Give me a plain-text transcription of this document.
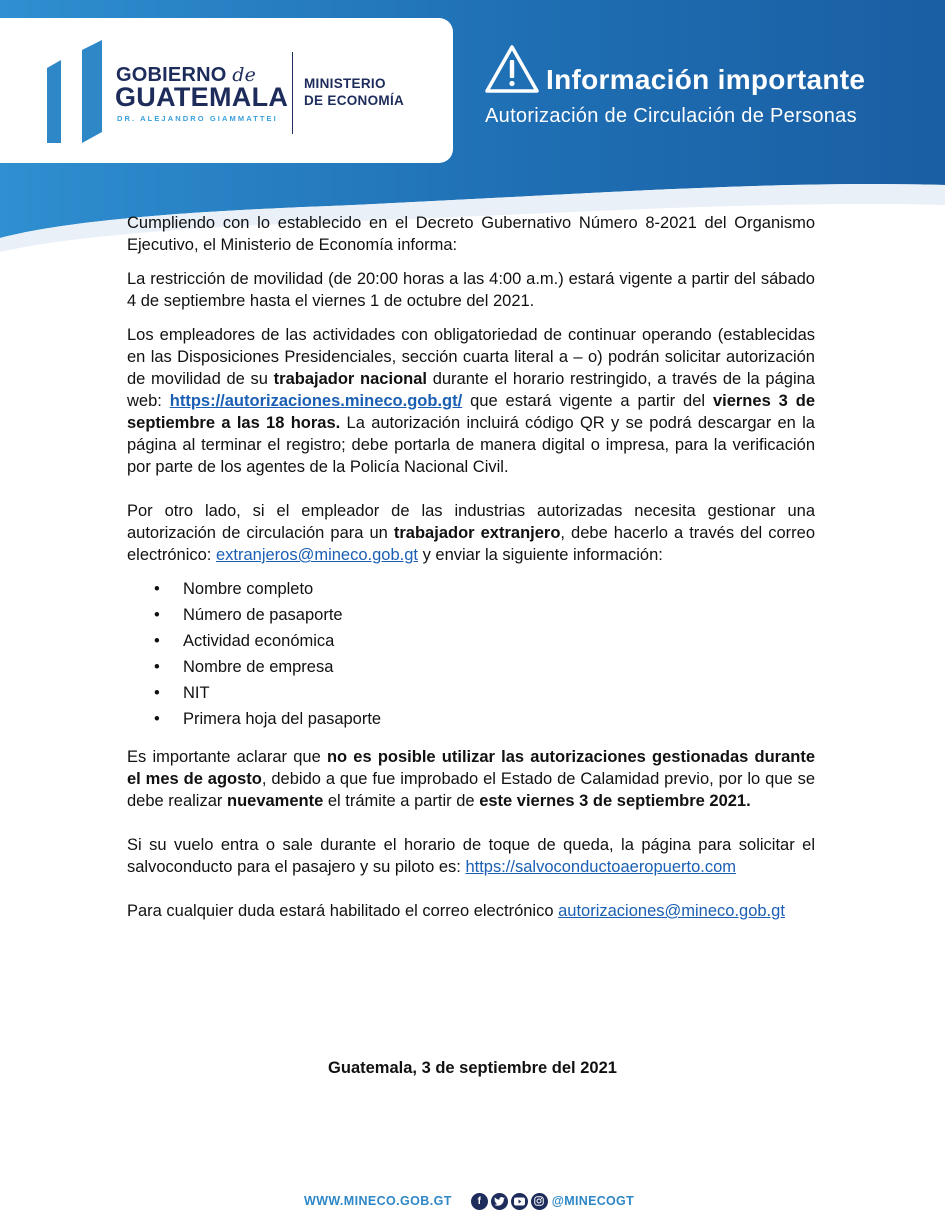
GOBIERNO de
GUATEMALA
DR. ALEJANDRO GIAMMATTEI
MINISTERIO
DE ECONOMÍA
Información importante
Autorización de Circulación de Personas

Cumpliendo con lo establecido en el Decreto Gubernativo Número 8-2021 del Organismo Ejecutivo, el Ministerio de Economía informa:

La restricción de movilidad (de 20:00 horas a las 4:00 a.m.) estará vigente a partir del sábado 4 de septiembre hasta el viernes 1 de octubre del 2021.

Los empleadores de las actividades con obligatoriedad de continuar operando (establecidas en las Disposiciones Presidenciales, sección cuarta literal a – o) podrán solicitar autorización de movilidad de su trabajador nacional durante el horario restringido, a través de la página web: https://autorizaciones.mineco.gob.gt/ que estará vigente a partir del viernes 3 de septiembre a las 18 horas. La autorización incluirá código QR y se podrá descargar en la página al terminar el registro; debe portarla de manera digital o impresa, para la verificación por parte de los agentes de la Policía Nacional Civil.

Por otro lado, si el empleador de las industrias autorizadas necesita gestionar una autorización de circulación para un trabajador extranjero, debe hacerlo a través del correo electrónico: extranjeros@mineco.gob.gt y enviar la siguiente información:

• Nombre completo
• Número de pasaporte
• Actividad económica
• Nombre de empresa
• NIT
• Primera hoja del pasaporte

Es importante aclarar que no es posible utilizar las autorizaciones gestionadas durante el mes de agosto, debido a que fue improbado el Estado de Calamidad previo, por lo que se debe realizar nuevamente el trámite a partir de este viernes 3 de septiembre 2021.

Si su vuelo entra o sale durante el horario de toque de queda, la página para solicitar el salvoconducto para el pasajero y su piloto es: https://salvoconductoaeropuerto.com

Para cualquier duda estará habilitado el correo electrónico autorizaciones@mineco.gob.gt

Guatemala, 3 de septiembre del 2021
WWW.MINECO.GOB.GT	f	@MINECOGT
